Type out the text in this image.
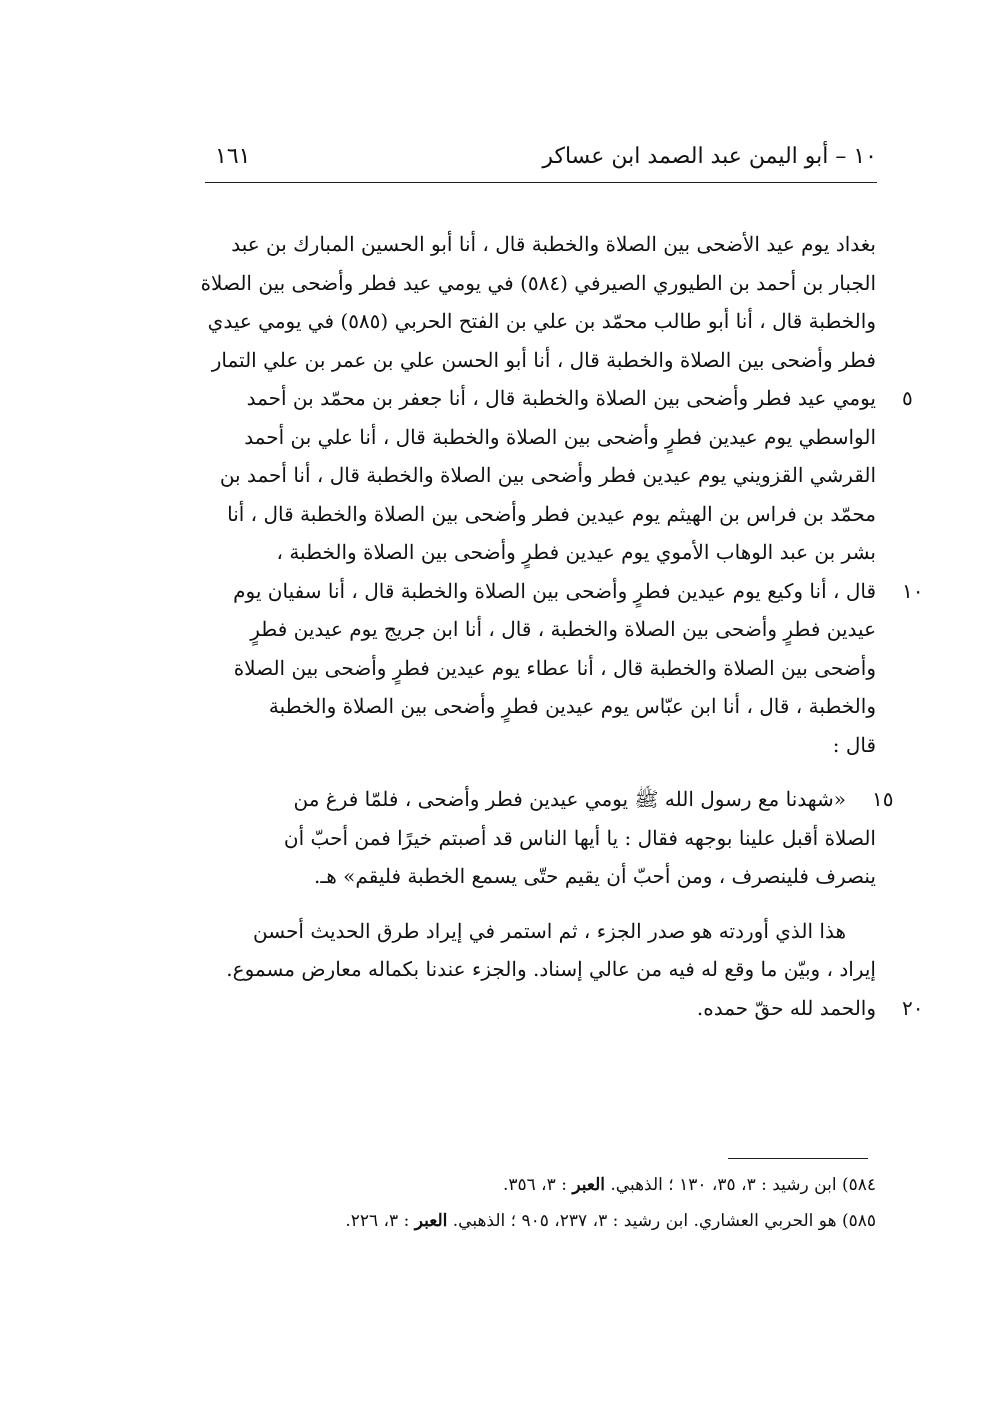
١٠ – أبو اليمن عبد الصمد ابن عساكر
١٦١
بغداد يوم عيد الأضحى بين الصلاة والخطبة قال ، أنا أبو الحسين المبارك بن عبد
الجبار بن أحمد بن الطيوري الصيرفي (٥٨٤) في يومي عيد فطر وأضحى بين الصلاة
والخطبة قال ، أنا أبو طالب محمّد بن علي بن الفتح الحربي (٥٨٥) في يومي عيدي
فطر وأضحى بين الصلاة والخطبة قال ، أنا أبو الحسن علي بن عمر بن علي التمار
٥
يومي عيد فطر وأضحى بين الصلاة والخطبة قال ، أنا جعفر بن محمّد بن أحمد
الواسطي يوم عيدين فطرٍ وأضحى بين الصلاة والخطبة قال ، أنا علي بن أحمد
القرشي القزويني يوم عيدين فطر وأضحى بين الصلاة والخطبة قال ، أنا أحمد بن
محمّد بن فراس بن الهيثم يوم عيدين فطر وأضحى بين الصلاة والخطبة قال ، أنا
بشر بن عبد الوهاب الأموي يوم عيدين فطرٍ وأضحى بين الصلاة والخطبة ،
١٠
قال ، أنا وكيع يوم عيدين فطرٍ وأضحى بين الصلاة والخطبة قال ، أنا سفيان يوم
عيدين فطرٍ وأضحى بين الصلاة والخطبة ، قال ، أنا ابن جريج يوم عيدين فطرٍ
وأضحى بين الصلاة والخطبة قال ، أنا عطاء يوم عيدين فطرٍ وأضحى بين الصلاة
والخطبة ، قال ، أنا ابن عبّاس يوم عيدين فطرٍ وأضحى بين الصلاة والخطبة
قال :
١٥
«شهدنا مع رسول الله ﷺ يومي عيدين فطر وأضحى ، فلمّا فرغ من
الصلاة أقبل علينا بوجهه فقال : يا أيها الناس قد أصبتم خيرًا فمن أحبّ أن
ينصرف فلينصرف ، ومن أحبّ أن يقيم حتّى يسمع الخطبة فليقم» هـ.
هذا الذي أوردته هو صدر الجزء ، ثم استمر في إيراد طرق الحديث أحسن
إيراد ، وبيّن ما وقع له فيه من عالي إسناد. والجزء عندنا بكماله معارض مسموع.
٢٠
والحمد لله حقّ حمده.
٥٨٤) ابن رشيد : ٣، ٣٥، ١٣٠ ؛ الذهبي. العبر : ٣، ٣٥٦.
٥٨٥) هو الحربي العشاري. ابن رشيد : ٣، ٢٣٧، ٩٠٥ ؛ الذهبي. العبر : ٣، ٢٢٦.
